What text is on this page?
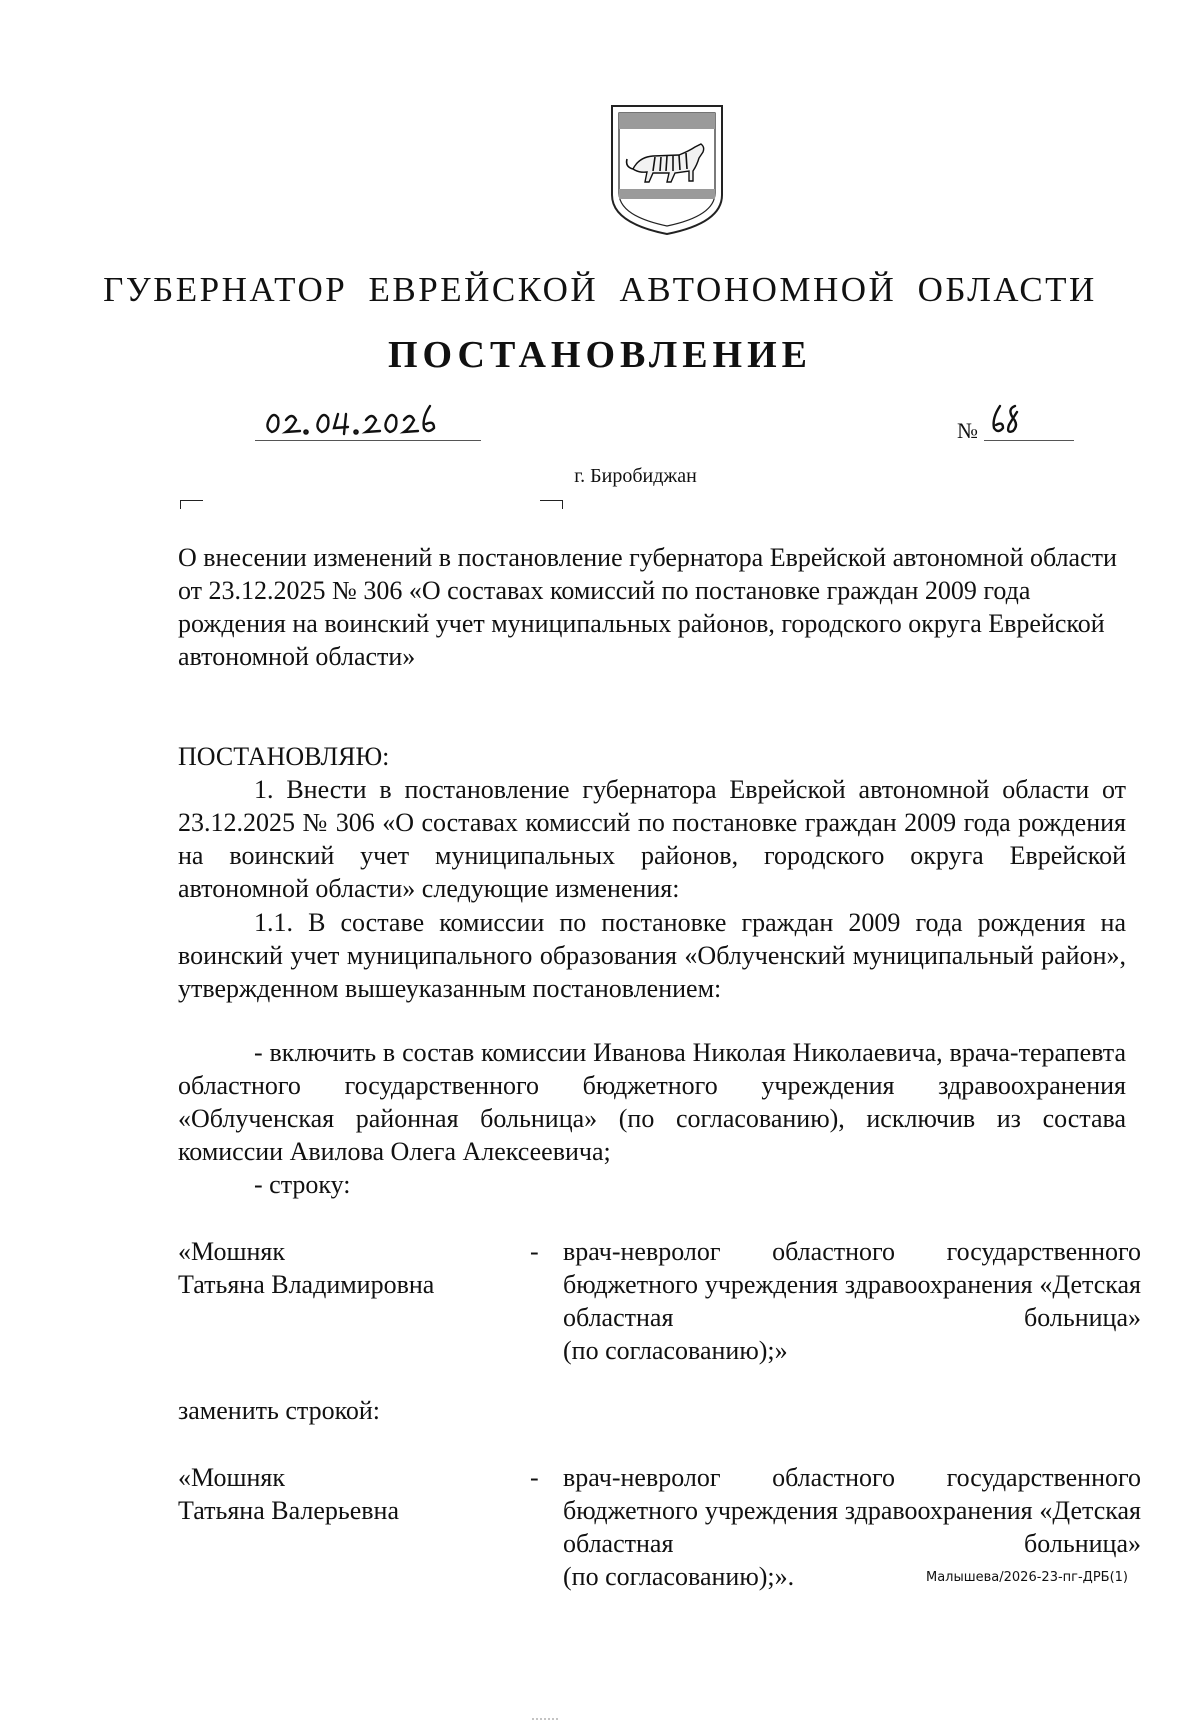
ГУБЕРНАТОР ЕВРЕЙСКОЙ АВТОНОМНОЙ ОБЛАСТИ
ПОСТАНОВЛЕНИЕ
№
г. Биробиджан
О внесении изменений в постановление губернатора Еврейской автономной области от 23.12.2025 № 306 «О составах комиссий по постановке граждан 2009 года рождения на воинский учет муниципальных районов, городского округа Еврейской автономной области»
ПОСТАНОВЛЯЮ:
1. Внести в постановление губернатора Еврейской автономной области от 23.12.2025 № 306 «О составах комиссий по постановке граждан 2009 года рождения на воинский учет муниципальных районов, городского округа Еврейской автономной области» следующие изменения:
1.1. В составе комиссии по постановке граждан 2009 года рождения на воинский учет муниципального образования «Облученский муниципальный район», утвержденном вышеуказанным постановлением:
- включить в состав комиссии Иванова Николая Николаевича, врача-терапевта областного государственного бюджетного учреждения здравоохранения «Облученская районная больница» (по согласованию), исключив из состава комиссии Авилова Олега Алексеевича;
- строку:
«Мошняк
Татьяна Владимировна
- врач-невролог областного государственного бюджетного учреждения здравоохранения «Детская областная больница»
(по согласованию);»
заменить строкой:
«Мошняк
Татьяна Валерьевна
- врач-невролог областного государственного бюджетного учреждения здравоохранения «Детская областная больница»
(по согласованию);».	Малышева/2026-23-пг-ДРБ(1)
